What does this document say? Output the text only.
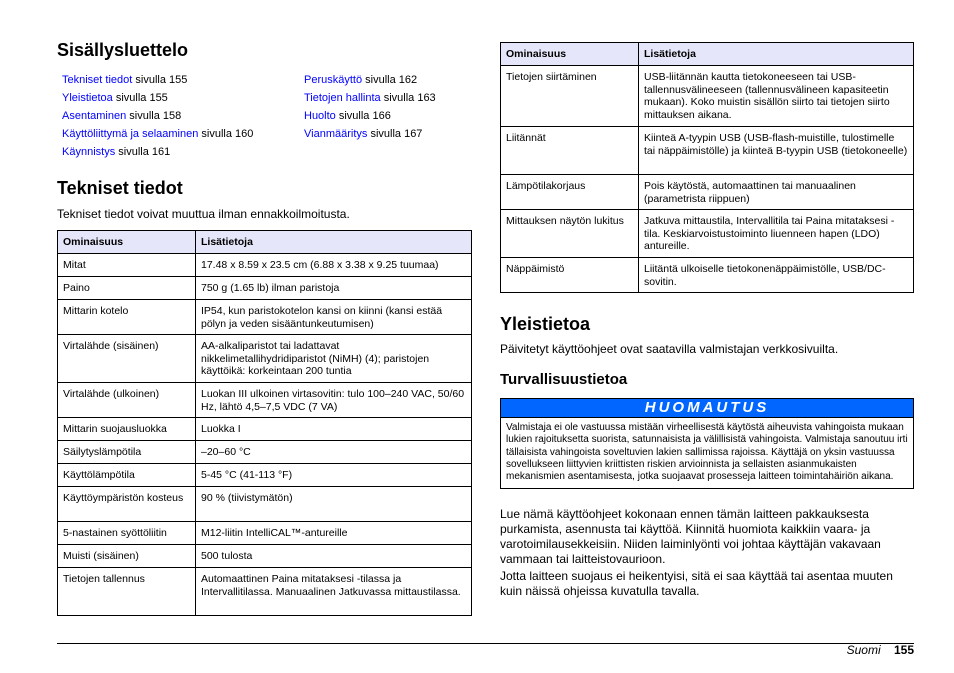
Sisällysluettelo
Tekniset tiedot sivulla 155
Yleistietoa sivulla 155
Asentaminen sivulla 158
Käyttöliittymä ja selaaminen sivulla 160
Käynnistys sivulla 161
Peruskäyttö sivulla 162
Tietojen hallinta sivulla 163
Huolto sivulla 166
Vianmääritys sivulla 167
Tekniset tiedot

Tekniset tiedot voivat muuttua ilman ennakkoilmoitusta.

Ominaisuus	Lisätietoja
Mitat	17.48 x 8.59 x 23.5 cm (6.88 x 3.38 x 9.25 tuumaa)
Paino	750 g (1.65 lb) ilman paristoja
Mittarin kotelo	IP54, kun paristokotelon kansi on kiinni (kansi estää pölyn ja veden sisääntunkeutumisen)
Virtalähde (sisäinen)	AA-alkaliparistot tai ladattavat nikkelimetallihydridiparistot (NiMH) (4); paristojen käyttöikä: korkeintaan 200 tuntia
Virtalähde (ulkoinen)	Luokan III ulkoinen virtasovitin: tulo 100–240 VAC, 50/60 Hz, lähtö 4,5–7,5 VDC (7 VA)
Mittarin suojausluokka	Luokka I
Säilytyslämpötila	–20–60 °C
Käyttölämpötila	5-45 °C (41-113 °F)
Käyttöympäristön kosteus	90 % (tiivistymätön)
5-nastainen syöttöliitin	M12-liitin IntelliCAL™-antureille
Muisti (sisäinen)	500 tulosta
Tietojen tallennus	Automaattinen Paina mitataksesi -tilassa ja Intervallitilassa. Manuaalinen Jatkuvassa mittaustilassa.
Ominaisuus	Lisätietoja
Tietojen siirtäminen	USB-liitännän kautta tietokoneeseen tai USB-tallennusvälineeseen (tallennusvälineen kapasiteetin mukaan). Koko muistin sisällön siirto tai tietojen siirto mittauksen aikana.
Liitännät	Kiinteä A-tyypin USB (USB-flash-muistille, tulostimelle tai näppäimistölle) ja kiinteä B-tyypin USB (tietokoneelle)
Lämpötilakorjaus	Pois käytöstä, automaattinen tai manuaalinen (parametrista riippuen)
Mittauksen näytön lukitus	Jatkuva mittaustila, Intervallitila tai Paina mitataksesi -tila. Keskiarvoistustoiminto liuenneen hapen (LDO) antureille.
Näppäimistö	Liitäntä ulkoiselle tietokonenäppäimistölle, USB/DC-sovitin.
Yleistietoa

Päivitetyt käyttöohjeet ovat saatavilla valmistajan verkkosivuilta.

Turvallisuustietoa
HUOMAUTUS
Valmistaja ei ole vastuussa mistään virheellisestä käytöstä aiheuvista vahingoista mukaan lukien rajoituksetta suorista, satunnaisista ja välillisistä vahingoista. Valmistaja sanoutuu irti tällaisista vahingoista soveltuvien lakien sallimissa rajoissa. Käyttäjä on yksin vastuussa sovellukseen liittyvien kriittisten riskien arvioinnista ja sellaisten asianmukaisten mekanismien asentamisesta, jotka suojaavat prosesseja laitteen toimintahäiriön aikana.

Lue nämä käyttöohjeet kokonaan ennen tämän laitteen pakkauksesta purkamista, asennusta tai käyttöä. Kiinnitä huomiota kaikkiin vaara- ja varotoimilausekkeisiin. Niiden laiminlyönti voi johtaa käyttäjän vakavaan vammaan tai laitteistovaurioon.

Jotta laitteen suojaus ei heikentyisi, sitä ei saa käyttää tai asentaa muuten kuin näissä ohjeissa kuvatulla tavalla.

Suomi 155
